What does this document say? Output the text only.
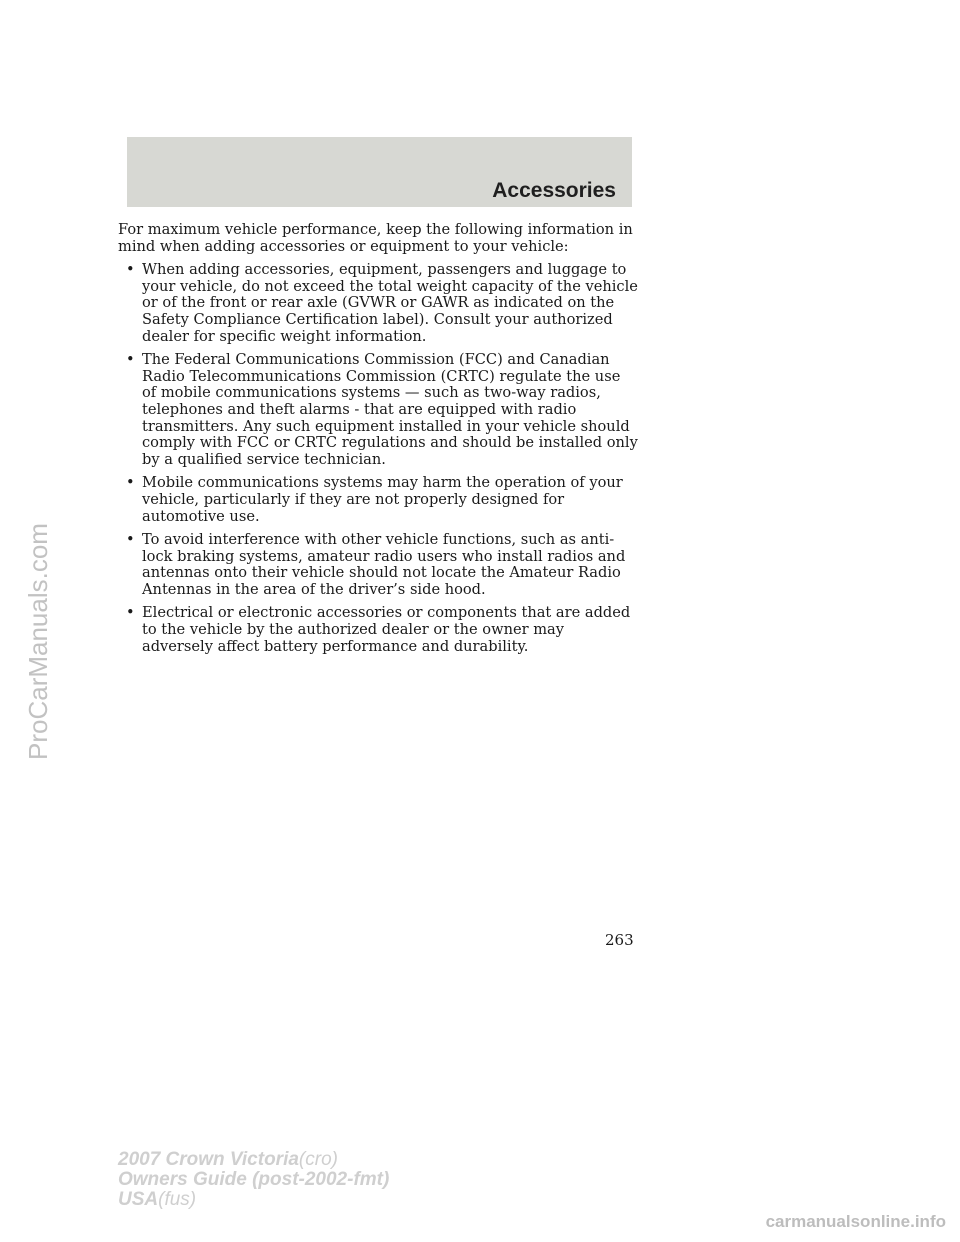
Accessories

For maximum vehicle performance, keep the following information in mind when adding accessories or equipment to your vehicle:

• When adding accessories, equipment, passengers and luggage to your vehicle, do not exceed the total weight capacity of the vehicle or of the front or rear axle (GVWR or GAWR as indicated on the Safety Compliance Certification label). Consult your authorized dealer for specific weight information.
• The Federal Communications Commission (FCC) and Canadian Radio Telecommunications Commission (CRTC) regulate the use of mobile communications systems — such as two-way radios, telephones and theft alarms - that are equipped with radio transmitters. Any such equipment installed in your vehicle should comply with FCC or CRTC regulations and should be installed only by a qualified service technician.
• Mobile communications systems may harm the operation of your vehicle, particularly if they are not properly designed for automotive use.
• To avoid interference with other vehicle functions, such as anti-lock braking systems, amateur radio users who install radios and antennas onto their vehicle should not locate the Amateur Radio Antennas in the area of the driver’s side hood.
• Electrical or electronic accessories or components that are added to the vehicle by the authorized dealer or the owner may adversely affect battery performance and durability.
263
2007 Crown Victoria(cro)
Owners Guide (post-2002-fmt)
USA(fus)
ProCarManuals.com
carmanualsonline.info
